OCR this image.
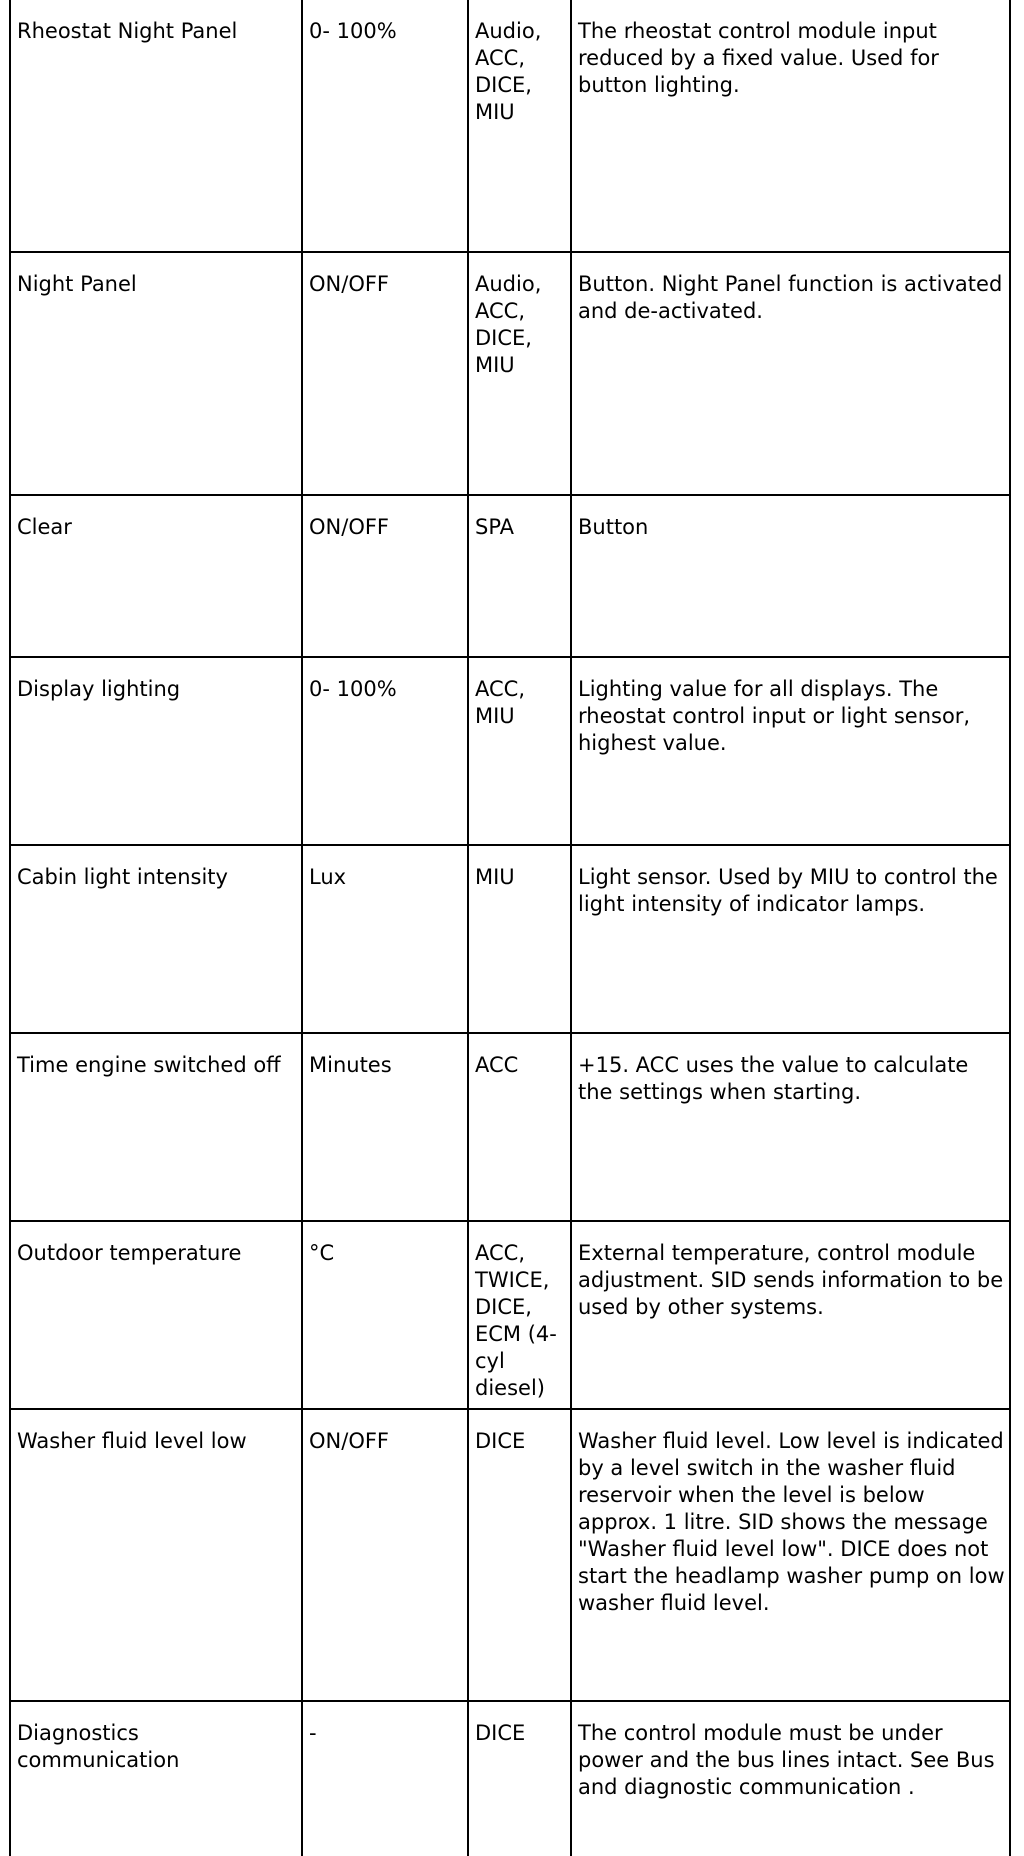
Rheostat Night Panel	0- 100%	Audio, ACC, DICE, MIU	The rheostat control module input reduced by a fixed value. Used for button lighting.
Night Panel	ON/OFF	Audio, ACC, DICE, MIU	Button. Night Panel function is activated and de-activated.
Clear	ON/OFF	SPA	Button
Display lighting	0- 100%	ACC, MIU	Lighting value for all displays. The rheostat control input or light sensor, highest value.
Cabin light intensity	Lux	MIU	Light sensor. Used by MIU to control the light intensity of indicator lamps.
Time engine switched off	Minutes	ACC	+15. ACC uses the value to calculate the settings when starting.
Outdoor temperature	°C	ACC, TWICE, DICE, ECM (4-cyl diesel)	External temperature, control module adjustment. SID sends information to be used by other systems.
Washer fluid level low	ON/OFF	DICE	Washer fluid level. Low level is indicated by a level switch in the washer fluid reservoir when the level is below approx. 1 litre. SID shows the message "Washer fluid level low". DICE does not start the headlamp washer pump on low washer fluid level.
Diagnostics communication	-	DICE	The control module must be under power and the bus lines intact. See Bus and diagnostic communication .
